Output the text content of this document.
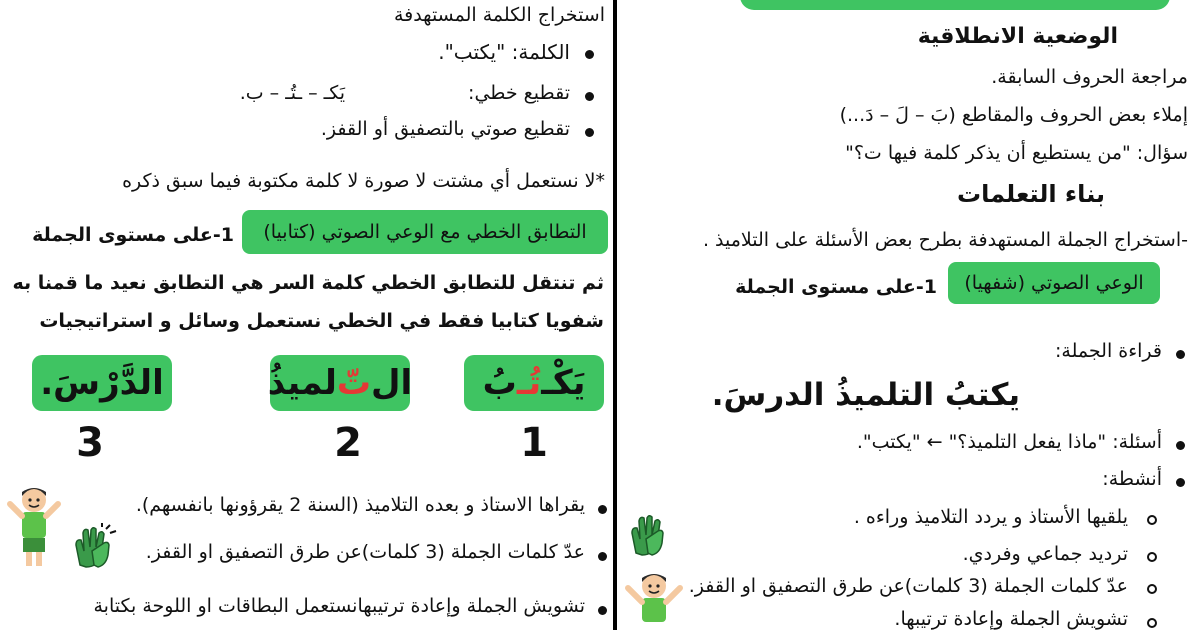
الوضعية الانطلاقية
مراجعة الحروف السابقة.
إملاء بعض الحروف والمقاطع (بَ – لَ – دَ...)
سؤال: "من يستطيع أن يذكر كلمة فيها ت؟"
بناء التعلمات
-استخراج الجملة المستهدفة بطرح بعض الأسئلة على التلاميذ .
1-على مستوى الجملة الوعي الصوتي (شفهيا)
قراءة الجملة:
يكتبُ التلميذُ الدرسَ.
أسئلة: "ماذا يفعل التلميذ؟" ← "يكتب".
أنشطة:
يلقيها الأستاذ و يردد التلاميذ وراءه .
ترديد جماعي وفردي.
عدّ كلمات الجملة (3 كلمات)عن طرق التصفيق او القفز.
تشويش الجملة وإعادة ترتيبها.
استخراج الكلمة المستهدفة
الكلمة: "يكتب".
تقطيع خطي:
يَكـ – ـتُـ – ب.
تقطيع صوتي بالتصفيق أو القفز.
*لا نستعمل أي مشتت لا صورة لا كلمة مكتوبة فيما سبق ذكره
التطابق الخطي مع الوعي الصوتي (كتابيا)
1-على مستوى الجملة
ثم تنتقل للتطابق الخطي كلمة السر هي التطابق نعيد ما قمنا به
شفويا كتابيا فقط في الخطي نستعمل وسائل و استراتيجيات
يَكْـ
تُـ
بُ
ال
تّ
لميذُ
الدَّرْسَ.
1
2
3
يقراها الاستاذ و بعده التلاميذ (السنة 2 يقرؤونها بانفسهم).
عدّ كلمات الجملة (3 كلمات)عن طرق التصفيق او القفز.
تشويش الجملة وإعادة ترتيبهانستعمل البطاقات او اللوحة بكتابة
